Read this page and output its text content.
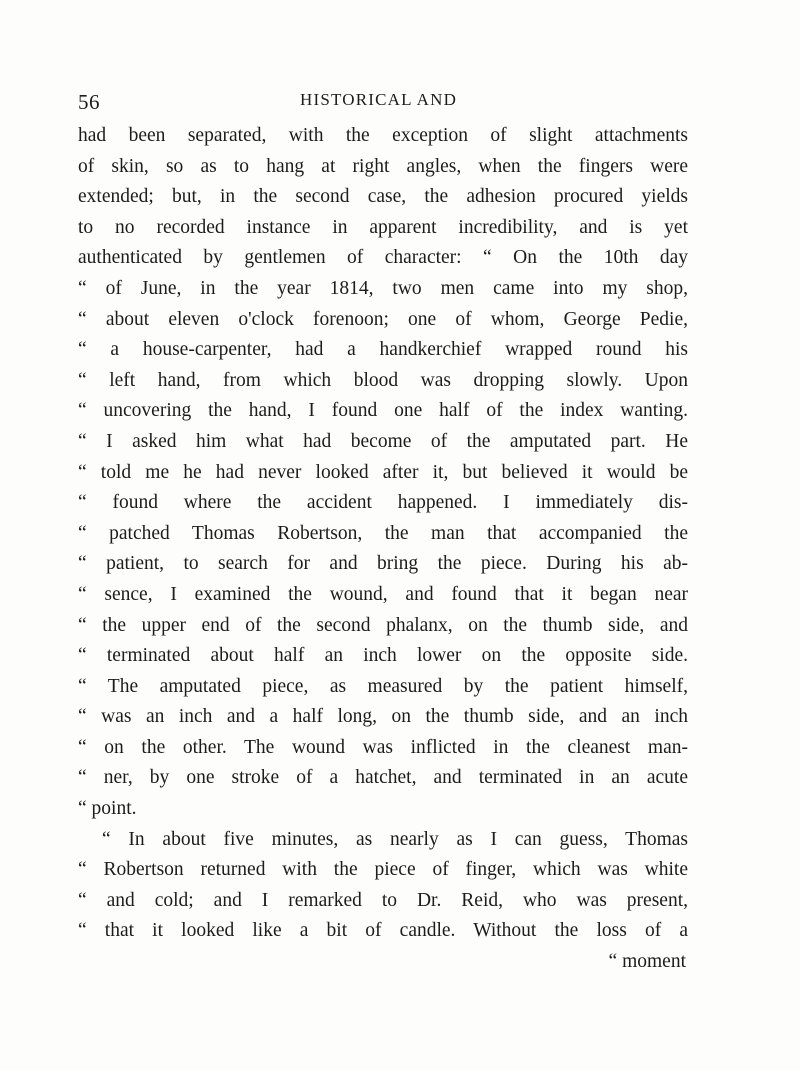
56	HISTORICAL AND
had been separated, with the exception of slight attachments
of skin, so as to hang at right angles, when the fingers were
extended; but, in the second case, the adhesion procured yields
to no recorded instance in apparent incredibility, and is yet
authenticated by gentlemen of character: “ On the 10th day
“ of June, in the year 1814, two men came into my shop,
“ about eleven o'clock forenoon; one of whom, George Pedie,
“ a house-carpenter, had a handkerchief wrapped round his
“ left hand, from which blood was dropping slowly. Upon
“ uncovering the hand, I found one half of the index wanting.
“ I asked him what had become of the amputated part. He
“ told me he had never looked after it, but believed it would be
“ found where the accident happened. I immediately dis-
“ patched Thomas Robertson, the man that accompanied the
“ patient, to search for and bring the piece. During his ab-
“ sence, I examined the wound, and found that it began near
“ the upper end of the second phalanx, on the thumb side, and
“ terminated about half an inch lower on the opposite side.
“ The amputated piece, as measured by the patient himself,
“ was an inch and a half long, on the thumb side, and an inch
“ on the other. The wound was inflicted in the cleanest man-
“ ner, by one stroke of a hatchet, and terminated in an acute
“ point.
“ In about five minutes, as nearly as I can guess, Thomas
“ Robertson returned with the piece of finger, which was white
“ and cold; and I remarked to Dr. Reid, who was present,
“ that it looked like a bit of candle. Without the loss of a
“ moment
